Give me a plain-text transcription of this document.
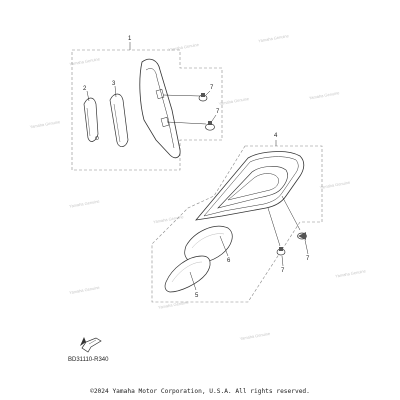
Yamaha Genuine
Yamaha Genuine
Yamaha Genuine
Yamaha Genuine
Yamaha Genuine
Yamaha Genuine
Yamaha Genuine
Yamaha Genuine
Yamaha Genuine
Yamaha Genuine
Yamaha Genuine
Yamaha Genuine
Yamaha Genuine
1
2
3
7
7
4
6
5
7
7
BD31110-R340
©2024 Yamaha Motor Corporation, U.S.A. All rights reserved.
